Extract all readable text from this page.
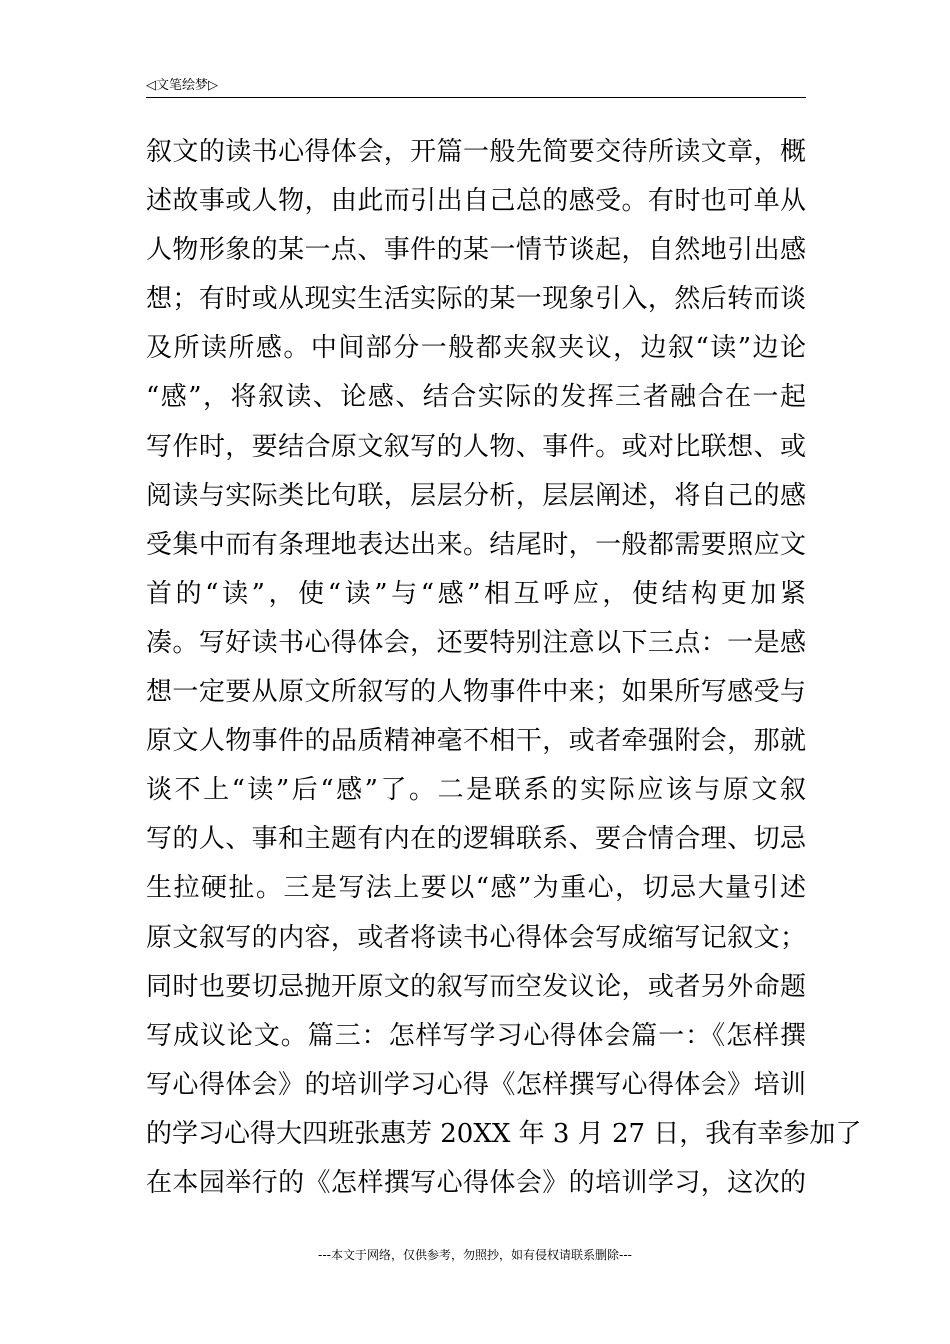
◁文笔绘梦▷
叙文的读书心得体会，开篇一般先简要交待所读文章，概
述故事或人物，由此而引出自己总的感受。有时也可单从
人物形象的某一点、事件的某一情节谈起，自然地引出感
想；有时或从现实生活实际的某一现象引入，然后转而谈
及所读所感。中间部分一般都夹叙夹议，边叙“读”边论
“感”，将叙读、论感、结合实际的发挥三者融合在一起
写作时，要结合原文叙写的人物、事件。或对比联想、或
阅读与实际类比句联，层层分析，层层阐述，将自己的感
受集中而有条理地表达出来。结尾时，一般都需要照应文
首的“读”，使“读”与“感”相互呼应，使结构更加紧
凑。写好读书心得体会，还要特别注意以下三点：一是感
想一定要从原文所叙写的人物事件中来；如果所写感受与
原文人物事件的品质精神毫不相干，或者牵强附会，那就
谈不上“读”后“感”了。二是联系的实际应该与原文叙
写的人、事和主题有内在的逻辑联系、要合情合理、切忌
生拉硬扯。三是写法上要以“感”为重心，切忌大量引述
原文叙写的内容，或者将读书心得体会写成缩写记叙文；
同时也要切忌抛开原文的叙写而空发议论，或者另外命题
写成议论文。篇三：怎样写学习心得体会篇一：《怎样撰
写心得体会》的培训学习心得《怎样撰写心得体会》培训
的学习心得大四班张惠芳 20XX 年 3 月 27 日，我有幸参加了
在本园举行的《怎样撰写心得体会》的培训学习，这次的
---本文于网络，仅供参考，勿照抄，如有侵权请联系删除---
